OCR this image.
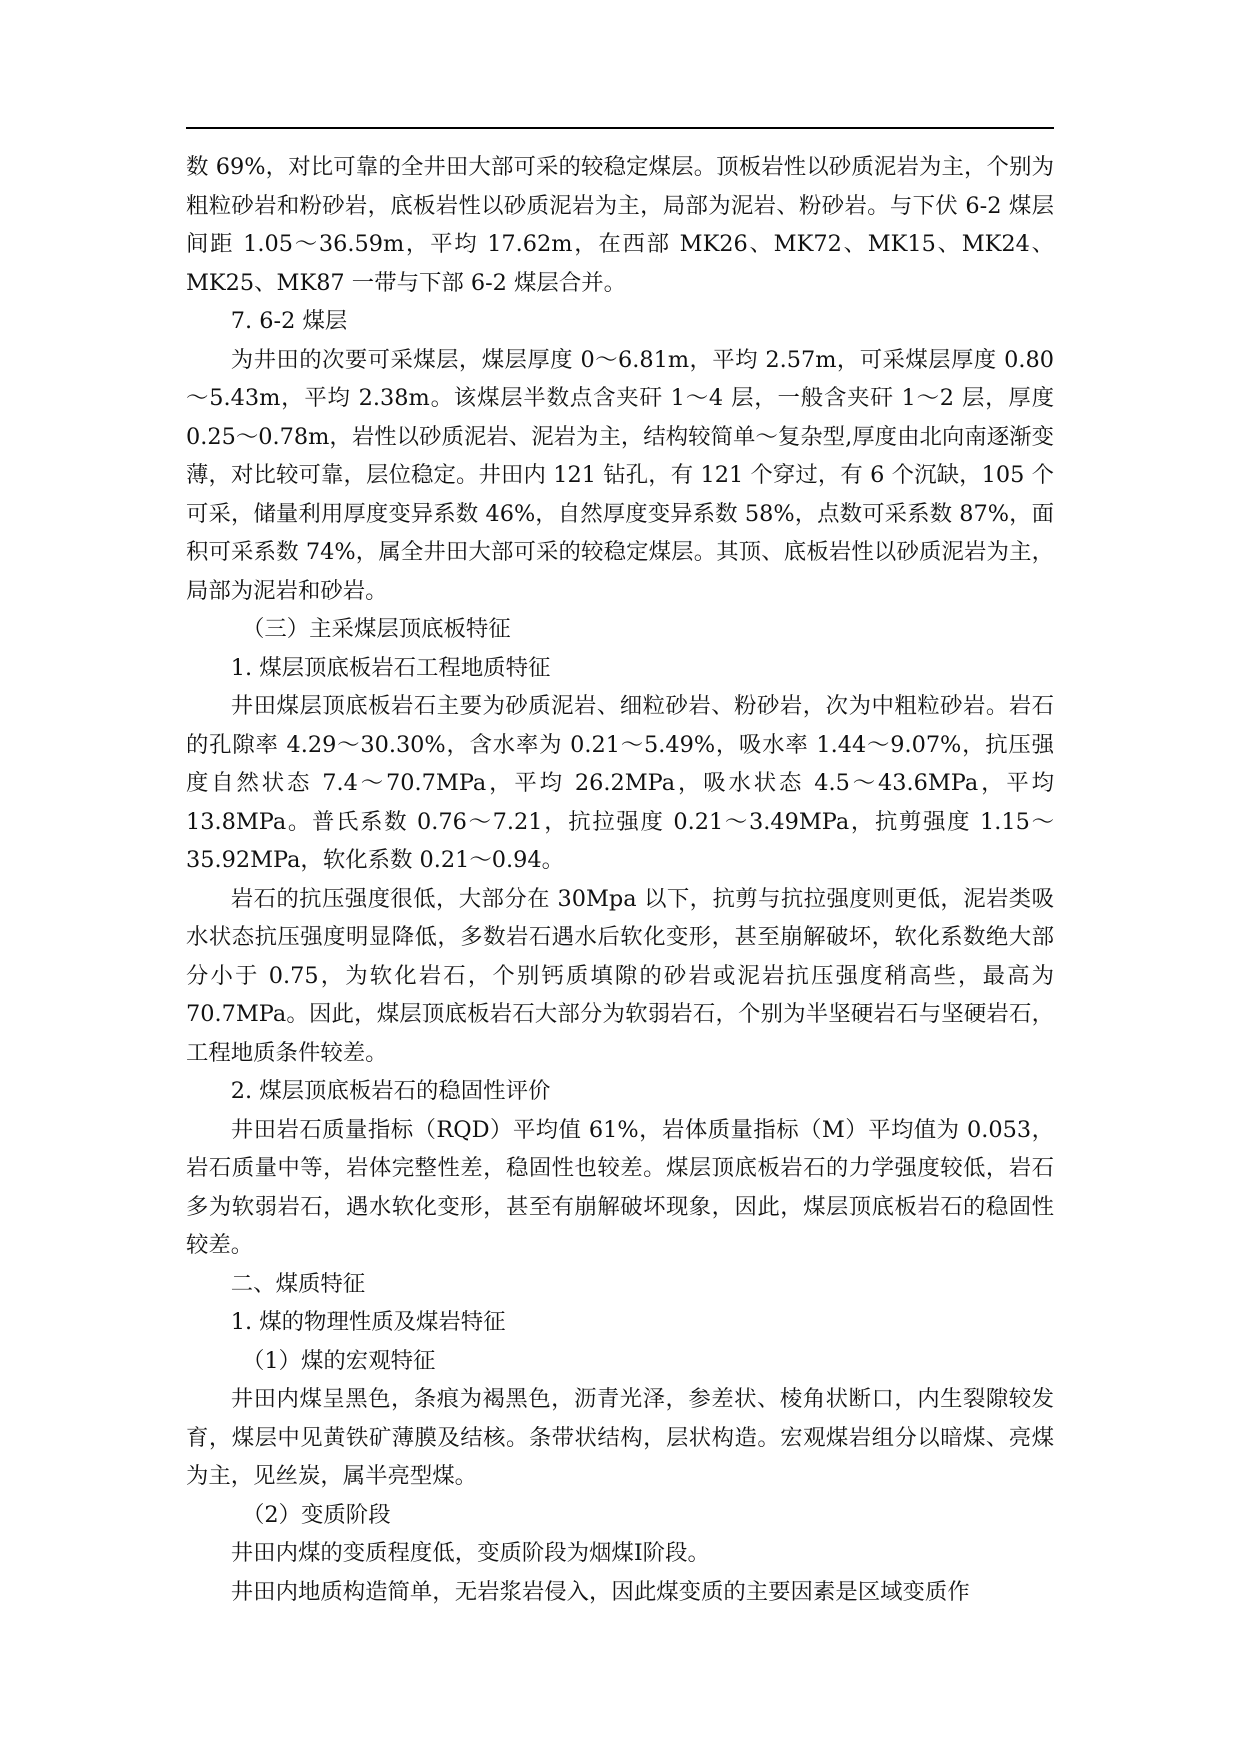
数 69%，对比可靠的全井田大部可采的较稳定煤层。顶板岩性以砂质泥岩为主，个别为粗粒砂岩和粉砂岩，底板岩性以砂质泥岩为主，局部为泥岩、粉砂岩。与下伏 6-2 煤层间距 1.05～36.59m，平均 17.62m，在西部 MK26、MK72、MK15、MK24、MK25、MK87 一带与下部 6-2 煤层合并。

7. 6-2 煤层

为井田的次要可采煤层，煤层厚度 0～6.81m，平均 2.57m，可采煤层厚度 0.80～5.43m，平均 2.38m。该煤层半数点含夹矸 1～4 层，一般含夹矸 1～2 层，厚度 0.25～0.78m，岩性以砂质泥岩、泥岩为主，结构较简单～复杂型,厚度由北向南逐渐变薄，对比较可靠，层位稳定。井田内 121 钻孔，有 121 个穿过，有 6 个沉缺，105 个可采，储量利用厚度变异系数 46%，自然厚度变异系数 58%，点数可采系数 87%，面积可采系数 74%，属全井田大部可采的较稳定煤层。其顶、底板岩性以砂质泥岩为主，局部为泥岩和砂岩。

（三）主采煤层顶底板特征

1. 煤层顶底板岩石工程地质特征

井田煤层顶底板岩石主要为砂质泥岩、细粒砂岩、粉砂岩，次为中粗粒砂岩。岩石的孔隙率 4.29～30.30%，含水率为 0.21～5.49%，吸水率 1.44～9.07%，抗压强度自然状态 7.4～70.7MPa，平均 26.2MPa，吸水状态 4.5～43.6MPa，平均 13.8MPa。普氏系数 0.76～7.21，抗拉强度 0.21～3.49MPa，抗剪强度 1.15～35.92MPa，软化系数 0.21～0.94。

岩石的抗压强度很低，大部分在 30Mpa 以下，抗剪与抗拉强度则更低，泥岩类吸水状态抗压强度明显降低，多数岩石遇水后软化变形，甚至崩解破坏，软化系数绝大部分小于 0.75，为软化岩石，个别钙质填隙的砂岩或泥岩抗压强度稍高些，最高为 70.7MPa。因此，煤层顶底板岩石大部分为软弱岩石，个别为半坚硬岩石与坚硬岩石，工程地质条件较差。

2. 煤层顶底板岩石的稳固性评价

井田岩石质量指标（RQD）平均值 61%，岩体质量指标（M）平均值为 0.053，岩石质量中等，岩体完整性差，稳固性也较差。煤层顶底板岩石的力学强度较低，岩石多为软弱岩石，遇水软化变形，甚至有崩解破坏现象，因此，煤层顶底板岩石的稳固性较差。

二、煤质特征

1. 煤的物理性质及煤岩特征

（1）煤的宏观特征

井田内煤呈黑色，条痕为褐黑色，沥青光泽，参差状、棱角状断口，内生裂隙较发育，煤层中见黄铁矿薄膜及结核。条带状结构，层状构造。宏观煤岩组分以暗煤、亮煤为主，见丝炭，属半亮型煤。

（2）变质阶段

井田内煤的变质程度低，变质阶段为烟煤Ⅰ阶段。

井田内地质构造简单，无岩浆岩侵入，因此煤变质的主要因素是区域变质作
